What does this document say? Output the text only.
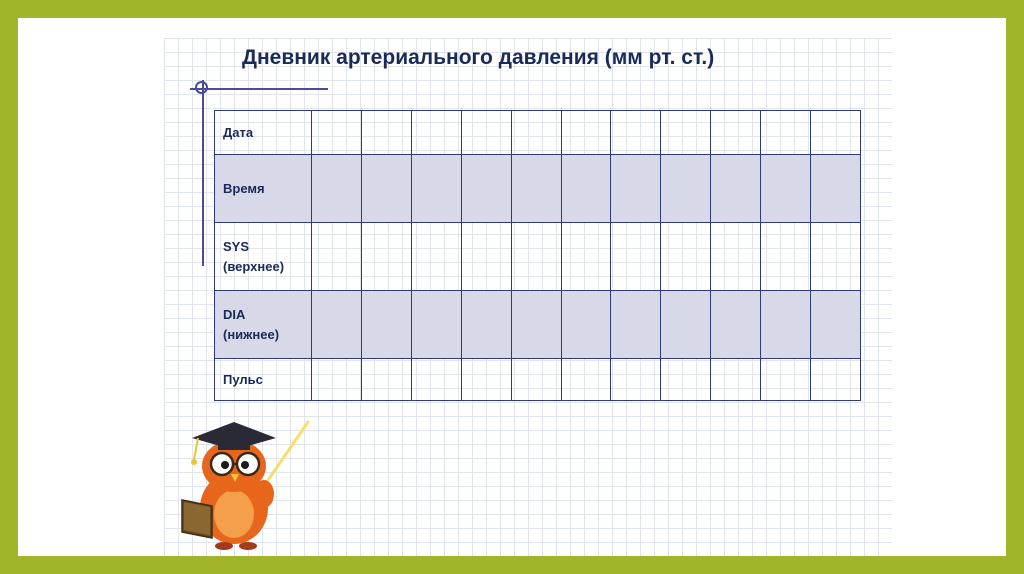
Дневник артериального давления (мм рт. ст.)
Дата											
Время											
SYS
(верхнее)											
DIA
(нижнее)											
Пульс											
